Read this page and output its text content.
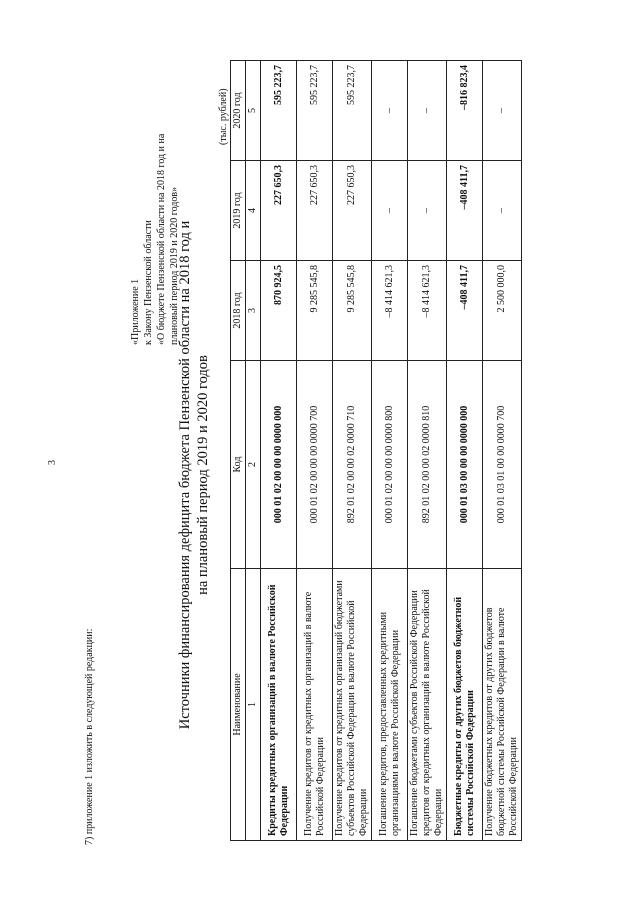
3
7) приложение 1 изложить в следующей редакции:
«Приложение 1 к Закону Пензенской области «О бюджете Пензенской области на 2018 год и на плановый период 2019 и 2020 годов»
Источники финансирования дефицита бюджета Пензенской области на 2018 год и на плановый период 2019 и 2020 годов
(тыс. рублей)
Наименование	Код	2018 год	2019 год	2020 год
1	2	3	4	5
Кредиты кредитных организаций в валюте Российской Федерации	000 01 02 00 00 00 0000 000	870 924,5	227 650,3	595 223,7
Получение кредитов от кредитных организаций в валюте Российской Федерации	000 01 02 00 00 00 0000 700	9 285 545,8	227 650,3	595 223,7
Получение кредитов от кредитных организаций бюджетами субъектов Российской Федерации в валюте Российской Федерации	892 01 02 00 00 02 0000 710	9 285 545,8	227 650,3	595 223,7
Погашение кредитов, предоставленных кредитными организациями в валюте Российской Федерации	000 01 02 00 00 00 0000 800	–8 414 621,3	–	–
Погашение бюджетами субъектов Российской Федерации кредитов от кредитных организаций в валюте Российской Федерации	892 01 02 00 00 02 0000 810	–8 414 621,3	–	–
Бюджетные кредиты от других бюджетов бюджетной системы Российской Федерации	000 01 03 00 00 00 0000 000	–408 411,7	–408 411,7	–816 823,4
Получение бюджетных кредитов от других бюджетов бюджетной системы Российской Федерации в валюте Российской Федерации	000 01 03 01 00 00 0000 700	2 500 000,0	–	–
